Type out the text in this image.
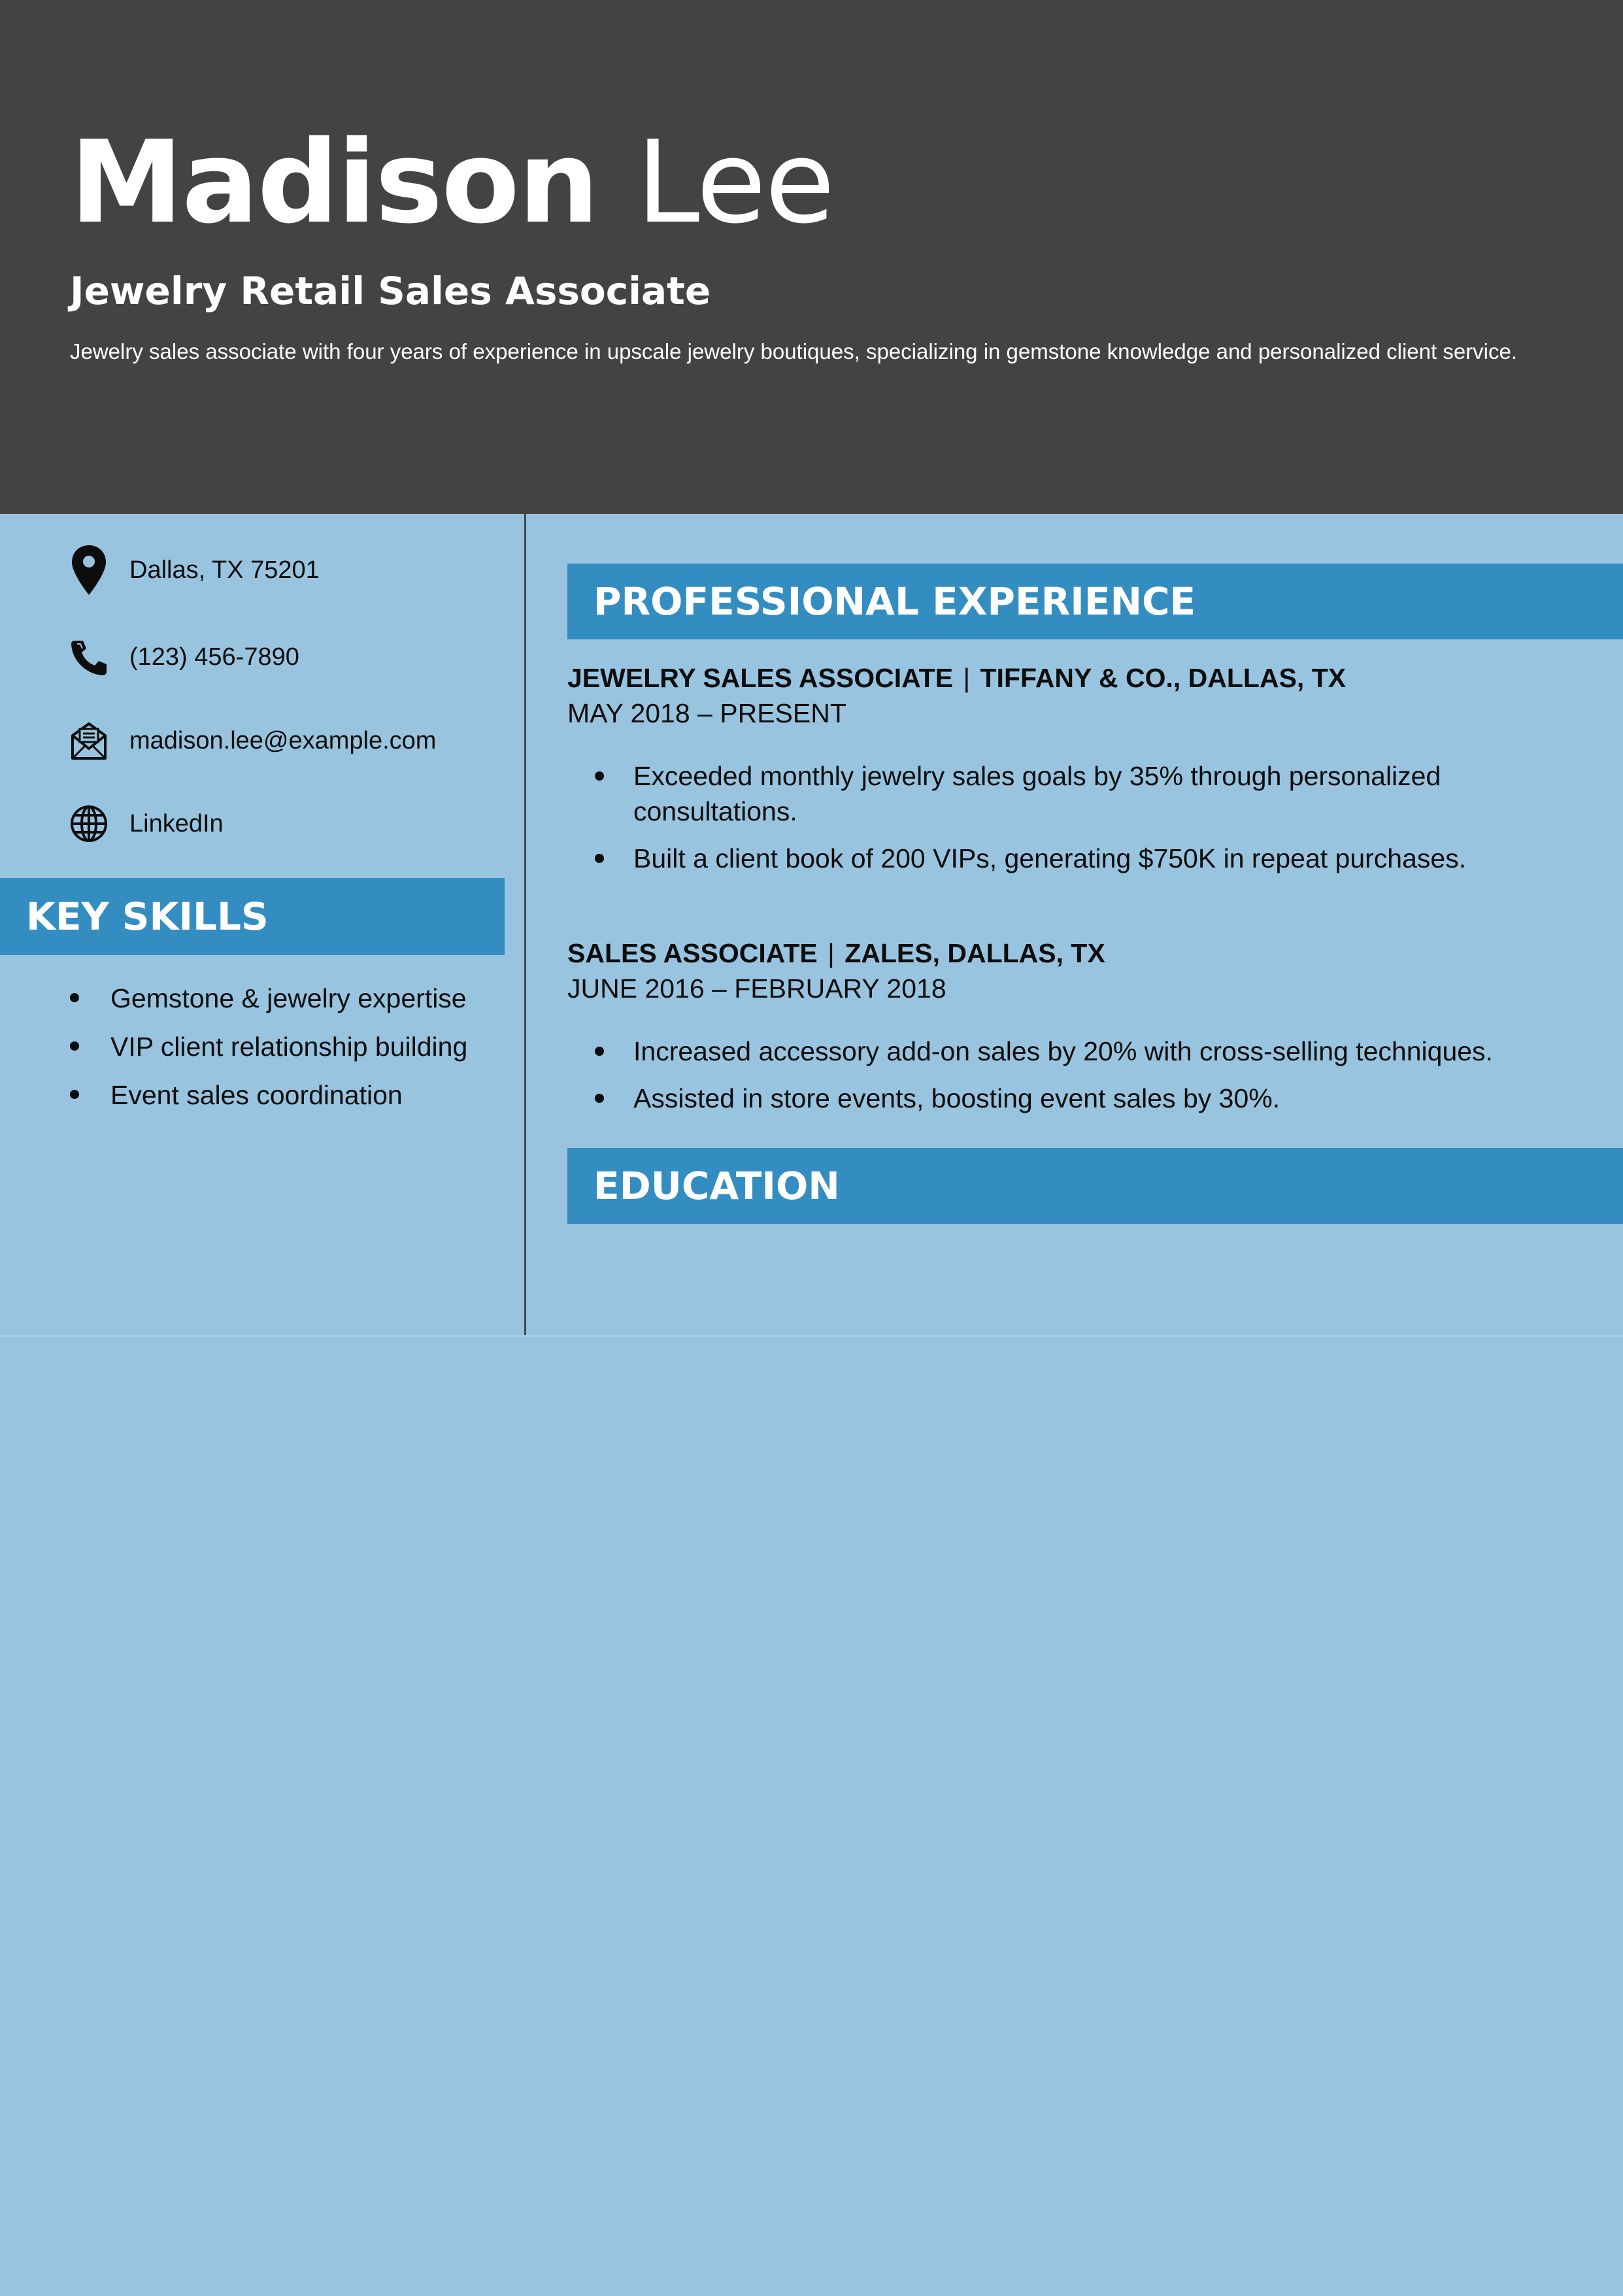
Madison Lee
Jewelry Retail Sales Associate

Jewelry sales associate with four years of experience in upscale jewelry boutiques, specializing in gemstone knowledge and personalized client service.

Dallas, TX 75201
(123) 456-7890
madison.lee@example.com
LinkedIn
KEY SKILLS
Gemstone & jewelry expertise
VIP client relationship building
Event sales coordination
PROFESSIONAL EXPERIENCE

JEWELRY SALES ASSOCIATE | TIFFANY & CO., DALLAS, TX

MAY 2018 – PRESENT

Exceeded monthly jewelry sales goals by 35% through personalized consultations.
Built a client book of 200 VIPs, generating $750K in repeat purchases.

SALES ASSOCIATE | ZALES, DALLAS, TX

JUNE 2016 – FEBRUARY 2018

Increased accessory add-on sales by 20% with cross-selling techniques.
Assisted in store events, boosting event sales by 30%.
EDUCATION
